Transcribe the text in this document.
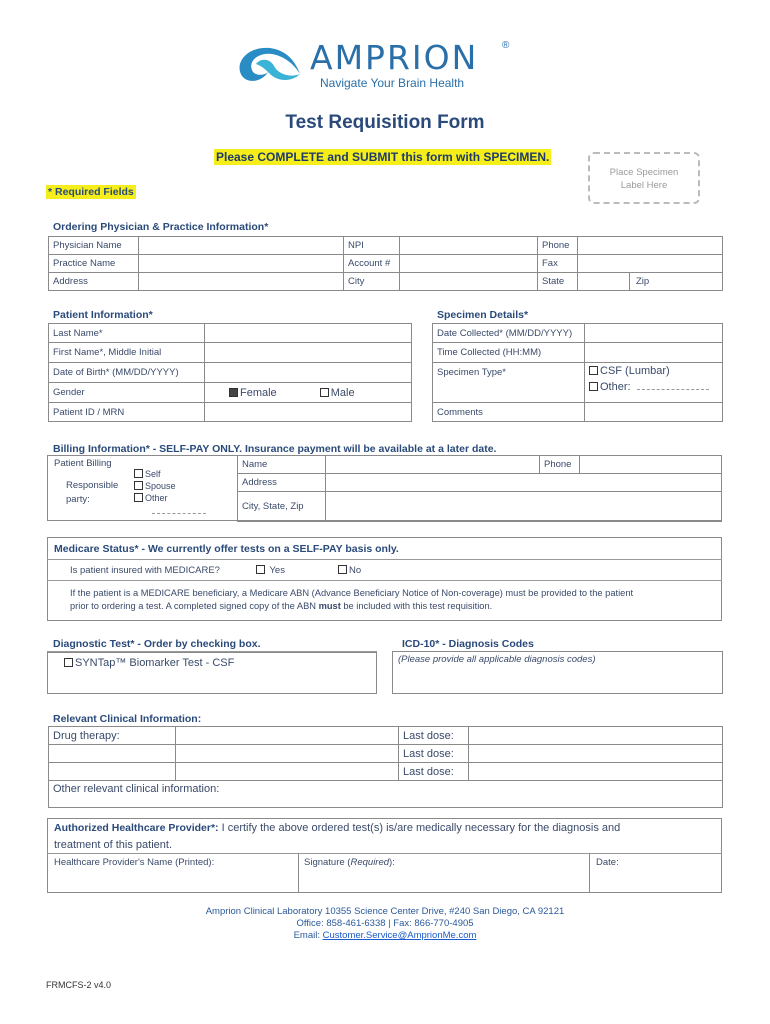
AMPRION ®
Navigate Your Brain Health
Test Requisition Form
Please COMPLETE and SUBMIT this form with SPECIMEN.
Place Specimen
Label Here
* Required Fields
Ordering Physician & Practice Information*
Physician Name		NPI		Phone		
Practice Name		Account #		Fax		
Address		City		State		Zip
Patient Information*
Last Name*	
First Name*, Middle Initial	
Date of Birth* (MM/DD/YYYY)	
Gender	Female Male
Patient ID / MRN	
Specimen Details*
Date Collected* (MM/DD/YYYY)	
Time Collected (HH:MM)	
Specimen Type*	CSF (Lumbar)
Other:

Comments	
Billing Information* - SELF-PAY ONLY. Insurance payment will be available at a later date.
Patient Billing
Responsible
party:
Self
Spouse
Other
Name		Phone	
Address			
City, State, Zip			
Medicare Status* - We currently offer tests on a SELF-PAY basis only.
Is patient insured with MEDICARE?	Yes	No
If the patient is a MEDICARE beneficiary, a Medicare ABN (Advance Beneficiary Notice of Non-coverage) must be provided to the patient
prior to ordering a test. A completed signed copy of the ABN must be included with this test requisition.
Diagnostic Test* - Order by checking box.
SYNTap™ Biomarker Test - CSF
ICD-10* - Diagnosis Codes
(Please provide all applicable diagnosis codes)
Relevant Clinical Information:
Drug therapy:		Last dose:	
		Last dose:	
		Last dose:	
Other relevant clinical information:			
Authorized Healthcare Provider*: I certify the above ordered test(s) is/are medically necessary for the diagnosis and
treatment of this patient.
Healthcare Provider's Name (Printed):	Signature (Required):	Date:
Amprion Clinical Laboratory 10355 Science Center Drive, #240 San Diego, CA 92121
Office: 858-461-6338 | Fax: 866-770-4905
Email: Customer.Service@AmprionMe.com
FRMCFS-2 v4.0
